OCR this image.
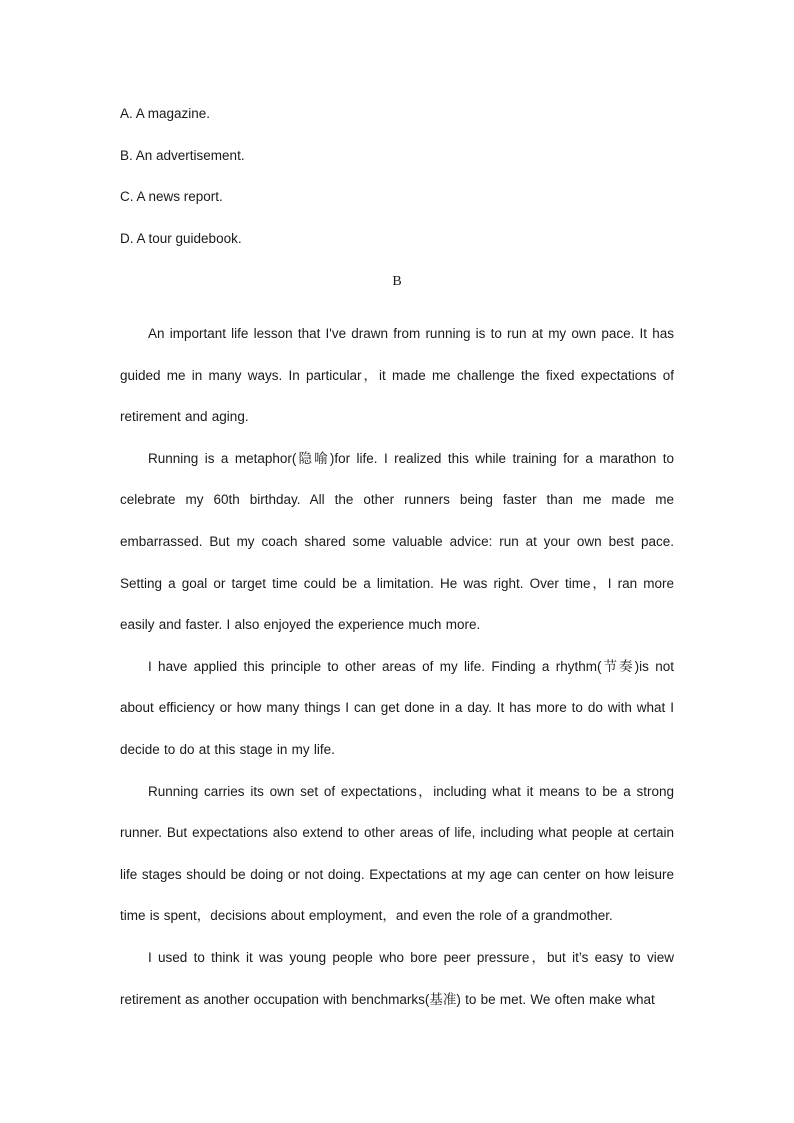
A. A magazine.
B. An advertisement.
C. A news report.
D. A tour guidebook.
B

An important life lesson that I've drawn from running is to run at my own pace. It has guided me in many ways. In particular，it made me challenge the fixed expectations of retirement and aging.

Running is a metaphor(隐喻)for life. I realized this while training for a marathon to celebrate my 60th birthday. All the other runners being faster than me made me embarrassed. But my coach shared some valuable advice: run at your own best pace. Setting a goal or target time could be a limitation. He was right. Over time，I ran more easily and faster. I also enjoyed the experience much more.

I have applied this principle to other areas of my life. Finding a rhythm(节奏)is not about efficiency or how many things I can get done in a day. It has more to do with what I decide to do at this stage in my life.

Running carries its own set of expectations，including what it means to be a strong runner. But expectations also extend to other areas of life, including what people at certain life stages should be doing or not doing. Expectations at my age can center on how leisure time is spent，decisions about employment，and even the role of a grandmother.

I used to think it was young people who bore peer pressure，but it’s easy to view retirement as another occupation with benchmarks(基准) to be met. We often make what
